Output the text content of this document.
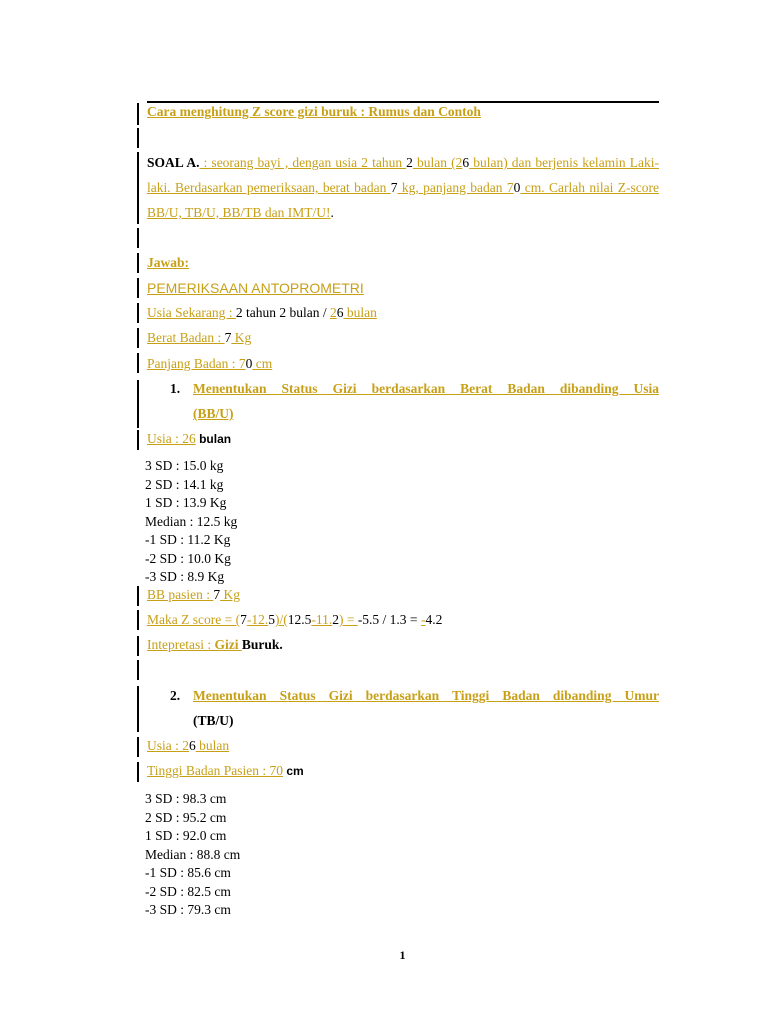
Cara menghitung Z score gizi buruk : Rumus dan Contoh
SOAL A. : seorang bayi , dengan usia 2 tahun 2 bulan (26 bulan) dan berjenis kelamin Laki-laki. Berdasarkan pemeriksaan, berat badan 7 kg, panjang badan 70 cm. Carlah nilai Z-score BB/U, TB/U, BB/TB dan IMT/U!.
Jawab:
PEMERIKSAAN ANTOPROMETRI
Usia Sekarang : 2 tahun 2 bulan / 26 bulan
Berat Badan : 7 Kg
Panjang Badan : 70 cm
1. Menentukan Status Gizi berdasarkan Berat Badan dibanding Usia
(BB/U)
Usia : 26 bulan
3 SD : 15.0 kg
2 SD : 14.1 kg
1 SD : 13.9 Kg
Median : 12.5 kg
-1 SD : 11.2 Kg
-2 SD : 10.0 Kg
-3 SD : 8.9 Kg
BB pasien : 7 Kg
Maka Z score = (7-12.5)/(12.5-11.2) = -5.5 / 1.3 = -4.2
Intepretasi : Gizi Buruk.
2. Menentukan Status Gizi berdasarkan Tinggi Badan dibanding Umur
(TB/U)
Usia : 26 bulan
Tinggi Badan Pasien : 70 cm
3 SD : 98.3 cm
2 SD : 95.2 cm
1 SD : 92.0 cm
Median : 88.8 cm
-1 SD : 85.6 cm
-2 SD : 82.5 cm
-3 SD : 79.3 cm
1
